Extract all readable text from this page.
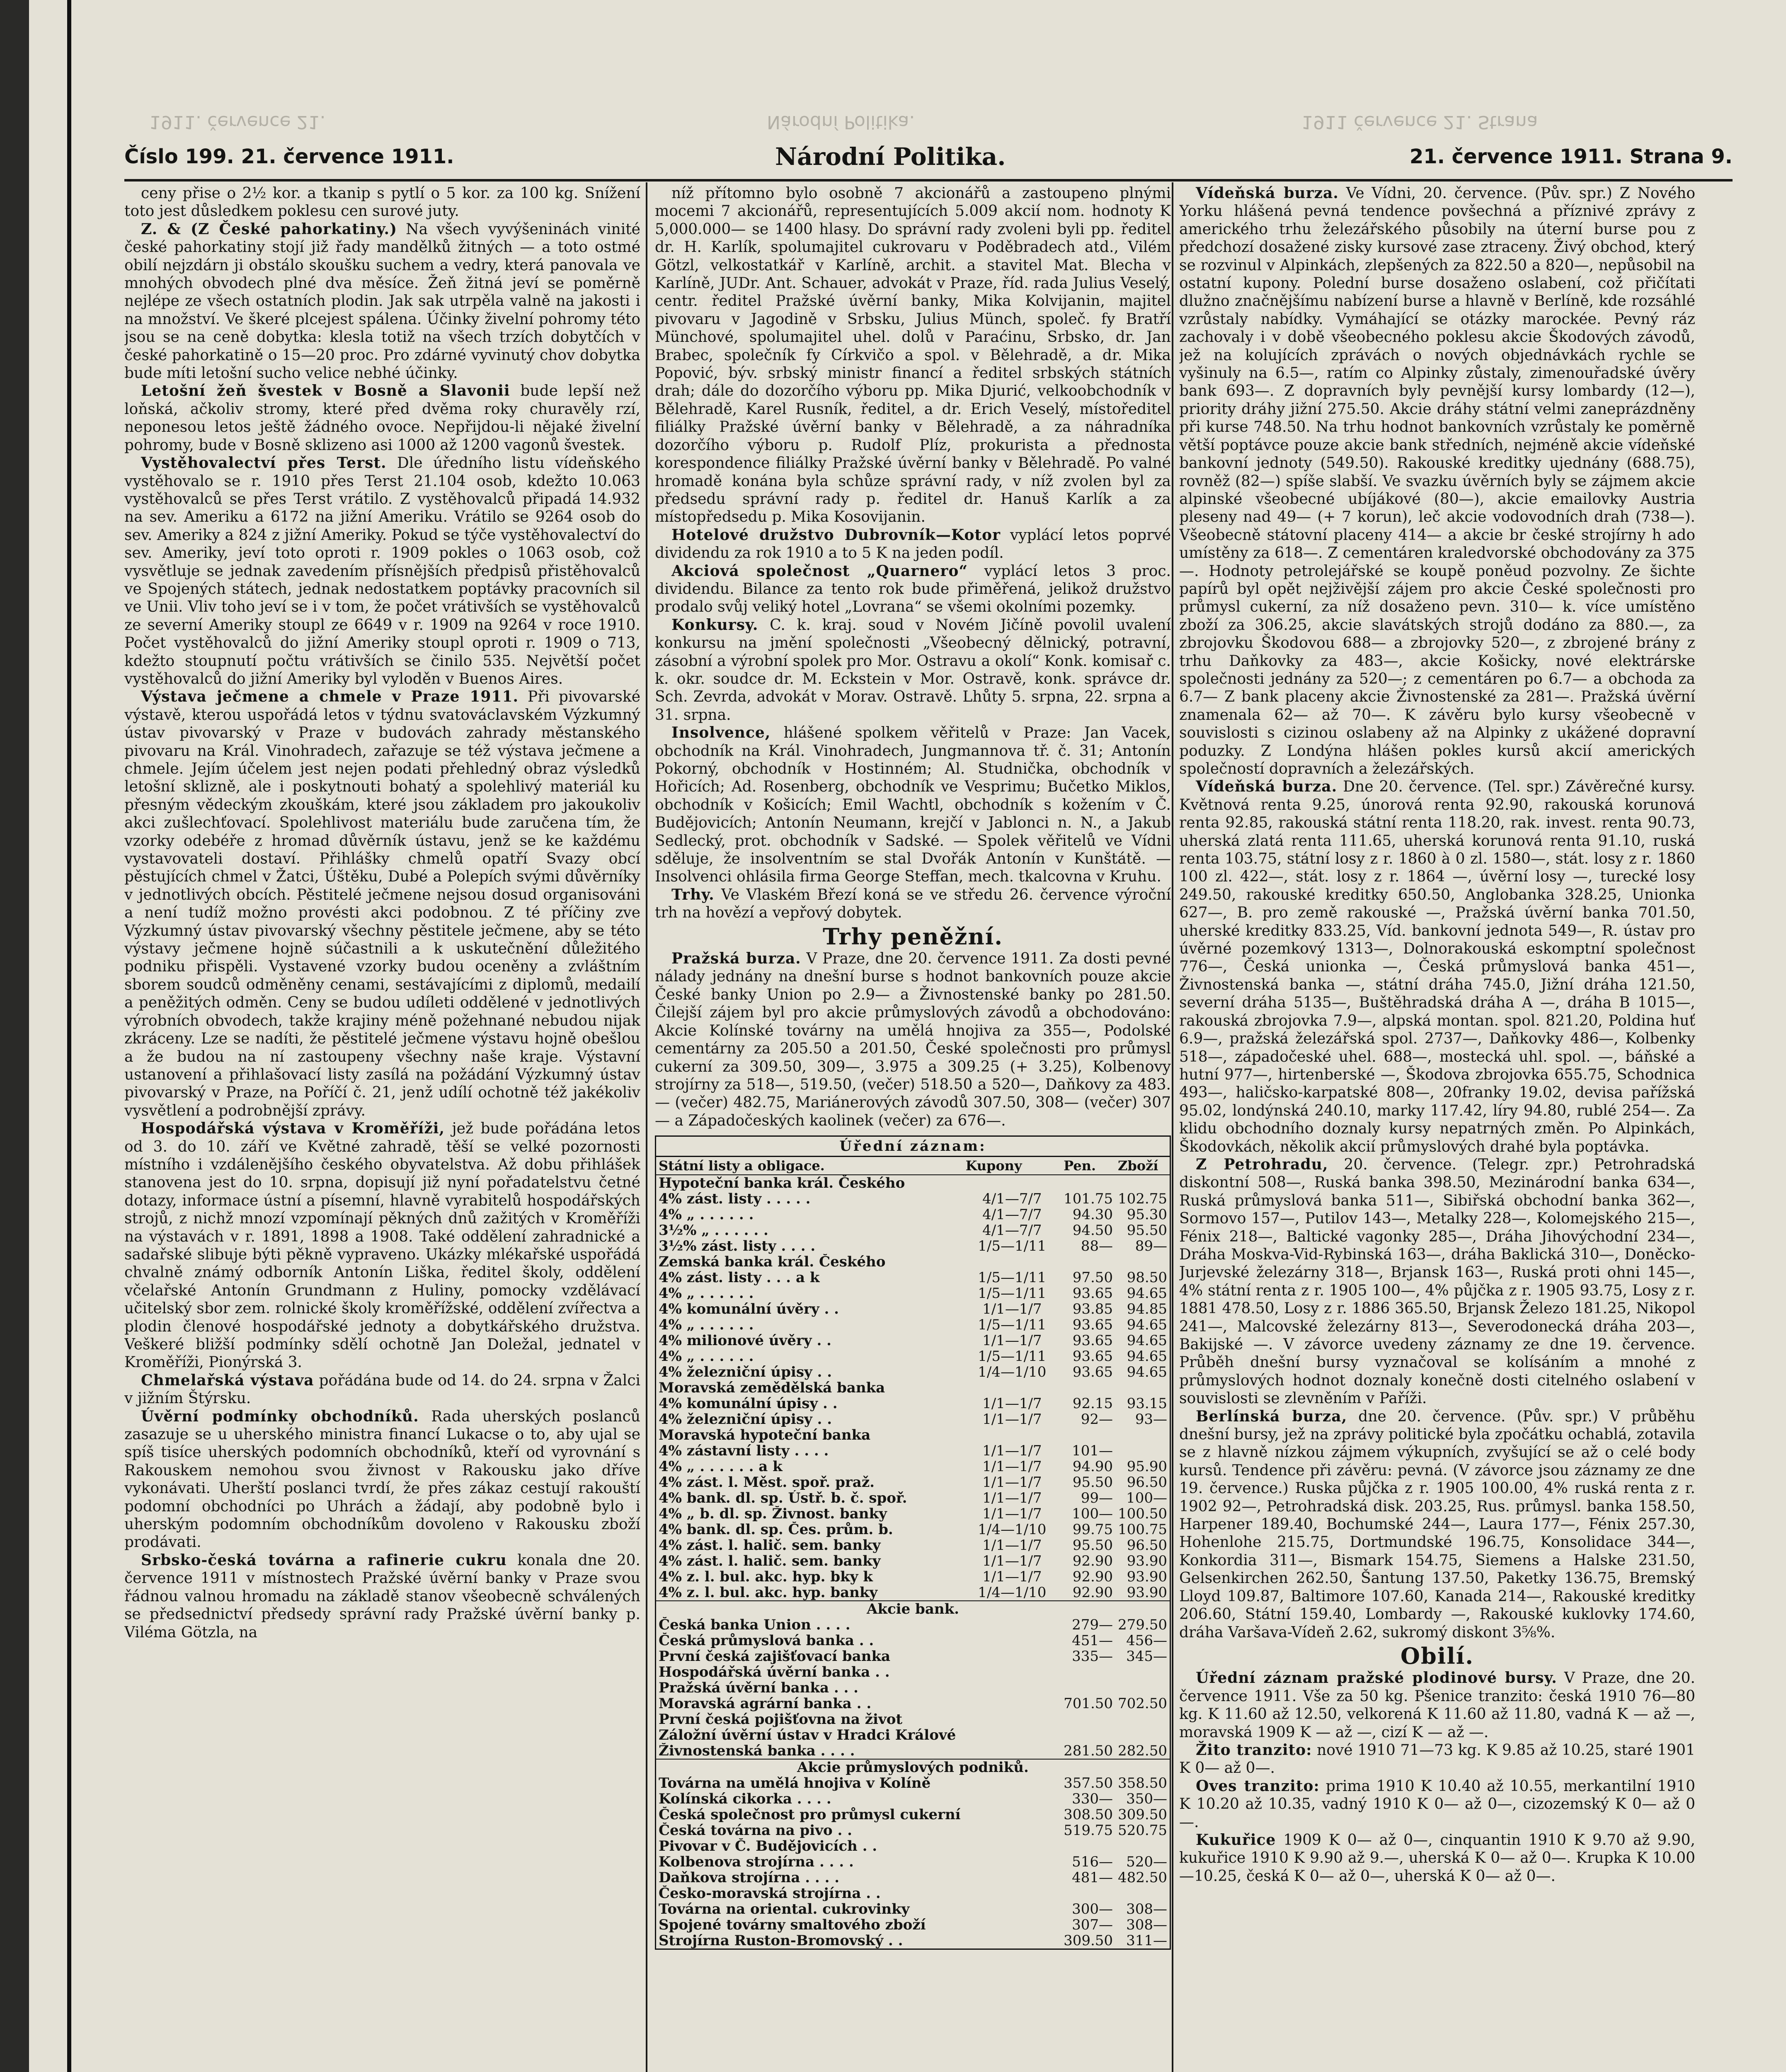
1911. července 21.	Národní Politika.	1911 července 21. Strana
Číslo 199. 21. července 1911.	Národní Politika.	21. července 1911. Strana 9.

ceny přise o 2½ kor. a tkanip s pytlí o 5 kor. za 100 kg. Snížení toto jest důsledkem poklesu cen surové juty.

Z. & (Z České pahorkatiny.) Na všech vyvýšeninách vinité české pahorkatiny stojí již řady mandělků žitných — a toto ostmé obilí nejzdárn ji obstálo skoušku suchem a vedry, která panovala ve mnohých obvodech plné dva měsíce. Žeň žitná jeví se poměrně nejlépe ze všech ostatních plodin. Jak sak utrpěla valně na jakosti i na množství. Ve škeré plcejest spálena. Účinky živelní pohromy této jsou se na ceně dobytka: klesla totiž na všech trzích dobytčích v české pahorkatině o 15—20 proc. Pro zdárné vyvinutý chov dobytka bude míti letošní sucho velice nebhé účinky.

Letošní žeň švestek v Bosně a Slavonii bude lepší než loňská, ačkoliv stromy, které před dvěma roky churavěly rzí, neponesou letos ještě žádného ovoce. Nepřijdou-li nějaké živelní pohromy, bude v Bosně sklizeno asi 1000 až 1200 vagonů švestek.

Vystěhovalectví přes Terst. Dle úředního listu vídeňského vystěhovalo se r. 1910 přes Terst 21.104 osob, kdežto 10.063 vystěhovalců se přes Terst vrátilo. Z vystěhovalců připadá 14.932 na sev. Ameriku a 6172 na jižní Ameriku. Vrátilo se 9264 osob do sev. Ameriky a 824 z jižní Ameriky. Pokud se týče vystěhovalectví do sev. Ameriky, jeví toto oproti r. 1909 pokles o 1063 osob, což vysvětluje se jednak zavedením přísnějších předpisů přistěhovalců ve Spojených státech, jednak nedostatkem poptávky pracovních sil ve Unii. Vliv toho jeví se i v tom, že počet vrátivších se vystěhovalců ze severní Ameriky stoupl ze 6649 v r. 1909 na 9264 v roce 1910. Počet vystěhovalců do jižní Ameriky stoupl oproti r. 1909 o 713, kdežto stoupnutí počtu vrátivších se činilo 535. Největší počet vystěhovalců do jižní Ameriky byl vyloděn v Buenos Aires.

Výstava ječmene a chmele v Praze 1911. Při pivovarské výstavě, kterou uspořádá letos v týdnu svatováclavském Výzkumný ústav pivovarský v Praze v budovách zahrady městanského pivovaru na Král. Vinohradech, zařazuje se též výstava ječmene a chmele. Jejím účelem jest nejen podati přehledný obraz výsledků letošní sklizně, ale i poskytnouti bohatý a spolehlivý materiál ku přesným vědeckým zkouškám, které jsou základem pro jakoukoliv akci zušlechťovací. Spolehlivost materiálu bude zaručena tím, že vzorky odebéře z hromad důvěrník ústavu, jenž se ke každému vystavovateli dostaví. Přihlášky chmelů opatří Svazy obcí pěstujících chmel v Žatci, Úštěku, Dubé a Polepích svými důvěrníky v jednotlivých obcích. Pěstitelé ječmene nejsou dosud organisováni a není tudíž možno provésti akci podobnou. Z té příčiny zve Výzkumný ústav pivovarský všechny pěstitele ječmene, aby se této výstavy ječmene hojně súčastnili a k uskutečnění důležitého podniku přispěli. Vystavené vzorky budou oceněny a zvláštním sborem soudců odměněny cenami, sestávajícími z diplomů, medailí a peněžitých odměn. Ceny se budou udíleti oddělené v jednotlivých výrobních obvodech, takže krajiny méně požehnané nebudou nijak zkráceny. Lze se nadíti, že pěstitelé ječmene výstavu hojně obešlou a že budou na ní zastoupeny všechny naše kraje. Výstavní ustanovení a přihlašovací listy zasílá na požádání Výzkumný ústav pivovarský v Praze, na Poříčí č. 21, jenž udílí ochotně též jakékoliv vysvětlení a podrobnější zprávy.

Hospodářská výstava v Kroměříži, jež bude pořádána letos od 3. do 10. září ve Květné zahradě, těší se velké pozornosti místního i vzdálenějšího českého obyvatelstva. Až dobu přihlášek stanovena jest do 10. srpna, dopisují již nyní pořadatelstvu četné dotazy, informace ústní a písemní, hlavně vyrabitelů hospodářských strojů, z nichž mnozí vzpomínají pěkných dnů zažitých v Kroměříži na výstavách v r. 1891, 1898 a 1908. Také oddělení zahradnické a sadařské slibuje býti pěkně vypraveno. Ukázky mlékařské uspořádá chvalně známý odborník Antonín Liška, ředitel školy, oddělení včelařské Antonín Grundmann z Huliny, pomocky vzdělávací učitelský sbor zem. rolnické školy kroměřížské, oddělení zvířectva a plodin členové hospodářské jednoty a dobytkářského družstva. Veškeré bližší podmínky sdělí ochotně Jan Doležal, jednatel v Kroměříži, Pionýrská 3.

Chmelařská výstava pořádána bude od 14. do 24. srpna v Žalci v jižním Štýrsku.

Úvěrní podmínky obchodníků. Rada uherských poslanců zasazuje se u uherského ministra financí Lukacse o to, aby ujal se spíš tisíce uherských podomních obchodníků, kteří od vyrovnání s Rakouskem nemohou svou živnost v Rakousku jako dříve vykonávati. Uherští poslanci tvrdí, že přes zákaz cestují rakouští podomní obchodníci po Uhrách a žádají, aby podobně bylo i uherským podomním obchodníkům dovoleno v Rakousku zboží prodávati.

Srbsko-česká továrna a rafinerie cukru konala dne 20. července 1911 v místnostech Pražské úvěrní banky v Praze svou řádnou valnou hromadu na základě stanov všeobecně schválených se předsednictví předsedy správní rady Pražské úvěrní banky p. Viléma Götzla, na

níž přítomno bylo osobně 7 akcionářů a zastoupeno plnými mocemi 7 akcionářů, representujících 5.009 akcií nom. hodnoty K 5,000.000— se 1400 hlasy. Do správní rady zvoleni byli pp. ředitel dr. H. Karlík, spolumajitel cukrovaru v Poděbradech atd., Vilém Götzl, velkostatkář v Karlíně, archit. a stavitel Mat. Blecha v Karlíně, JUDr. Ant. Schauer, advokát v Praze, říd. rada Julius Veselý, centr. ředitel Pražské úvěrní banky, Mika Kolvijanin, majitel pivovaru v Jagodině v Srbsku, Julius Münch, společ. fy Bratří Münchové, spolumajitel uhel. dolů v Paraćinu, Srbsko, dr. Jan Brabec, společník fy Církvičo a spol. v Bělehradě, a dr. Mika Popović, býv. srbský ministr financí a ředitel srbských státních drah; dále do dozorčího výboru pp. Mika Djurić, velkoobchodník v Bělehradě, Karel Rusník, ředitel, a dr. Erich Veselý, místoředitel filiálky Pražské úvěrní banky v Bělehradě, a za náhradníka dozorčího výboru p. Rudolf Plíz, prokurista a přednosta korespondence filiálky Pražské úvěrní banky v Bělehradě. Po valné hromadě konána byla schůze správní rady, v níž zvolen byl za předsedu správní rady p. ředitel dr. Hanuš Karlík a za místopředsedu p. Mika Kosovijanin.

Hotelové družstvo Dubrovník—Kotor vyplácí letos poprvé dividendu za rok 1910 a to 5 K na jeden podíl.

Akciová společnost „Quarnero“ vyplácí letos 3 proc. dividendu. Bilance za tento rok bude přiměřená, jelikož družstvo prodalo svůj veliký hotel „Lovrana“ se všemi okolními pozemky.

Konkursy. C. k. kraj. soud v Novém Jičíně povolil uvalení konkursu na jmění společnosti „Všeobecný dělnický, potravní, zásobní a výrobní spolek pro Mor. Ostravu a okolí“ Konk. komisař c. k. okr. soudce dr. M. Eckstein v Mor. Ostravě, konk. správce dr. Sch. Zevrda, advokát v Morav. Ostravě. Lhůty 5. srpna, 22. srpna a 31. srpna.

Insolvence, hlášené spolkem věřitelů v Praze: Jan Vacek, obchodník na Král. Vinohradech, Jungmannova tř. č. 31; Antonín Pokorný, obchodník v Hostinném; Al. Studnička, obchodník v Hořicích; Ad. Rosenberg, obchodník ve Vesprimu; Bučetko Miklos, obchodník v Košicích; Emil Wachtl, obchodník s kožením v Č. Budějovicích; Antonín Neumann, krejčí v Jablonci n. N., a Jakub Sedlecký, prot. obchodník v Sadské. — Spolek věřitelů ve Vídni sděluje, že insolventním se stal Dvořák Antonín v Kunštátě. — Insolvenci ohlásila firma George Steffan, mech. tkalcovna v Kruhu.

Trhy. Ve Vlaském Březí koná se ve středu 26. července výroční trh na hovězí a vepřový dobytek.

Trhy peněžní.

Pražská burza. V Praze, dne 20. července 1911. Za dosti pevné nálady jednány na dnešní burse s hodnot bankovních pouze akcie České banky Union po 2.9— a Živnostenské banky po 281.50. Čilejší zájem byl pro akcie průmyslových závodů a obchodováno: Akcie Kolínské továrny na umělá hnojiva za 355—, Podolské cementárny za 205.50 a 201.50, České společnosti pro průmysl cukerní za 309.50, 309—, 3.975 a 309.25 (+ 3.25), Kolbenovy strojírny za 518—, 519.50, (večer) 518.50 a 520—, Daňkovy za 483.— (večer) 482.75, Mariánerových závodů 307.50, 308— (večer) 307— a Západočeských kaolinek (večer) za 676—.

Úřední záznam:
Státní listy a obligace.	Kupony	Pen.	Zboží
Hypoteční banka král. Českého			
4% zást. listy . . . . .	4/1—7/7	101.75	102.75
4% „ . . . . . .	4/1—7/7	94.30	95.30
3½% „ . . . . . .	4/1—7/7	94.50	95.50
3½% zást. listy . . . .	1/5—1/11	88—	89—
Zemská banka král. Českého			
4% zást. listy . . . a k	1/5—1/11	97.50	98.50
4% „ . . . . . .	1/5—1/11	93.65	94.65
4% komunální úvěry . .	1/1—1/7	93.85	94.85
4% „ . . . . . .	1/5—1/11	93.65	94.65
4% milionové úvěry . .	1/1—1/7	93.65	94.65
4% „ . . . . . .	1/5—1/11	93.65	94.65
4% železniční úpisy . .	1/4—1/10	93.65	94.65
Moravská zemědělská banka			
4% komunální úpisy . .	1/1—1/7	92.15	93.15
4% železniční úpisy . .	1/1—1/7	92—	93—
Moravská hypoteční banka			
4% zástavní listy . . . .	1/1—1/7	101—	
4% „ . . . . . . a k	1/1—1/7	94.90	95.90
4% zást. l. Měst. spoř. praž.	1/1—1/7	95.50	96.50
4% bank. dl. sp. Ústř. b. č. spoř.	1/1—1/7	99—	100—
4% „ b. dl. sp. Živnost. banky	1/1—1/7	100—	100.50
4% bank. dl. sp. Čes. prům. b.	1/4—1/10	99.75	100.75
4% zást. l. halič. sem. banky	1/1—1/7	95.50	96.50
4% zást. l. halič. sem. banky	1/1—1/7	92.90	93.90
4% z. l. bul. akc. hyp. bky k	1/1—1/7	92.90	93.90
4% z. l. bul. akc. hyp. banky	1/4—1/10	92.90	93.90
Akcie bank.			
Česká banka Union . . . .		279—	279.50
Česká průmyslová banka . .		451—	456—
První česká zajišťovací banka		335—	345—
Hospodářská úvěrní banka . .			
Pražská úvěrní banka . . .			
Moravská agrární banka . .		701.50	702.50
První česká pojišťovna na život			
Záložní úvěrní ústav v Hradci Králové			
Živnostenská banka . . . .		281.50	282.50
Akcie průmyslových podniků.			
Továrna na umělá hnojiva v Kolíně		357.50	358.50
Kolínská cikorka . . . .		330—	350—
Česká společnost pro průmysl cukerní		308.50	309.50
Česká továrna na pivo . .		519.75	520.75
Pivovar v Č. Budějovicích . .			
Kolbenova strojírna . . . .		516—	520—
Daňkova strojírna . . . .		481—	482.50
Česko-moravská strojírna . .			
Továrna na oriental. cukrovinky		300—	308—
Spojené továrny smaltového zboží		307—	308—
Strojírna Ruston-Bromovský . .		309.50	311—

Vídeňská burza. Ve Vídni, 20. července. (Pův. spr.) Z Nového Yorku hlášená pevná tendence povšechná a příznivé zprávy z amerického trhu železářského působily na úterní burse pou z předchozí dosažené zisky kursové zase ztraceny. Živý obchod, který se rozvinul v Alpinkách, zlepšených za 822.50 a 820—, nepůsobil na ostatní kupony. Polední burse dosaženo oslabení, což přičítati dlužno značnějšímu nabízení burse a hlavně v Berlíně, kde rozsáhlé vzrůstaly nabídky. Vymáhající se otázky marockée. Pevný ráz zachovaly i v době všeobecného poklesu akcie Škodových závodů, jež na kolujících zprávách o nových objednávkách rychle se vyšinuly na 6.5—, ratím co Alpinky zůstaly, zimenouřadské úvěry bank 693—. Z dopravních byly pevnější kursy lombardy (12—), priority dráhy jižní 275.50. Akcie dráhy státní velmi zaneprázdněny při kurse 748.50. Na trhu hodnot bankovních vzrůstaly ke poměrně větší poptávce pouze akcie bank středních, nejméně akcie vídeňské bankovní jednoty (549.50). Rakouské kreditky ujednány (688.75), rovněž (82—) spíše slabší. Ve svazku úvěrních byly se zájmem akcie alpinské všeobecné ubíjákové (80—), akcie emailovky Austria pleseny nad 49— (+ 7 korun), leč akcie vodovodních drah (738—). Všeobecně státovní placeny 414— a akcie br české strojírny h ado umístěny za 618—. Z cementáren kraledvorské obchodovány za 375—. Hodnoty petrolejářské se koupě poněud pozvolny. Ze šichte papírů byl opět nejživější zájem pro akcie České společnosti pro průmysl cukerní, za níž dosaženo pevn. 310— k. více umístěno zboží za 306.25, akcie slavátských strojů dodáno za 880.—, za zbrojovku Škodovou 688— a zbrojovky 520—, z zbrojené brány z trhu Daňkovky za 483—, akcie Košicky, nové elektrárske společnosti jednány za 520—; z cementáren po 6.7— a obchoda za 6.7— Z bank placeny akcie Živnostenské za 281—. Pražská úvěrní znamenala 62— až 70—. K závěru bylo kursy všeobecně v souvislosti s cizinou oslabeny až na Alpinky z ukážené dopravní poduzky. Z Londýna hlášen pokles kursů akcií amerických společností dopravních a železářských.

Vídeňská burza. Dne 20. července. (Tel. spr.) Závěrečné kursy. Květnová renta 9.25, únorová renta 92.90, rakouská korunová renta 92.85, rakouská státní renta 118.20, rak. invest. renta 90.73, uherská zlatá renta 111.65, uherská korunová renta 91.10, ruská renta 103.75, státní losy z r. 1860 à 0 zl. 1580—, stát. losy z r. 1860 100 zl. 422—, stát. losy z r. 1864 —, úvěrní losy —, turecké losy 249.50, rakouské kreditky 650.50, Anglobanka 328.25, Unionka 627—, B. pro země rakouské —, Pražská úvěrní banka 701.50, uherské kreditky 833.25, Víd. bankovní jednota 549—, R. ústav pro úvěrné pozemkový 1313—, Dolnorakouská eskomptní společnost 776—, Česká unionka —, Česká průmyslová banka 451—, Živnostenská banka —, státní dráha 745.0, Jižní dráha 121.50, severní dráha 5135—, Buštěhradská dráha A —, dráha B 1015—, rakouská zbrojovka 7.9—, alpská montan. spol. 821.20, Poldina huť 6.9—, pražská železářská spol. 2737—, Daňkovky 486—, Kolbenky 518—, západočeské uhel. 688—, mostecká uhl. spol. —, báňské a hutní 977—, hirtenberské —, Škodova zbrojovka 655.75, Schodnica 493—, haličsko-karpatské 808—, 20franky 19.02, devisa pařížská 95.02, londýnská 240.10, marky 117.42, líry 94.80, rublé 254—. Za klidu obchodního doznaly kursy nepatrných změn. Po Alpinkách, Škodovkách, několik akcií průmyslových drahé byla poptávka.

Z Petrohradu, 20. července. (Telegr. zpr.) Petrohradská diskontní 508—, Ruská banka 398.50, Mezinárodní banka 634—, Ruská průmyslová banka 511—, Sibiřská obchodní banka 362—, Sormovo 157—, Putilov 143—, Metalky 228—, Kolomejského 215—, Fénix 218—, Baltické vagonky 285—, Dráha Jihovýchodní 234—, Dráha Moskva-Vid-Rybinská 163—, dráha Baklická 310—, Doněcko-Jurjevské železárny 318—, Brjansk 163—, Ruská proti ohni 145—, 4% státní renta z r. 1905 100—, 4% půjčka z r. 1905 93.75, Losy z r. 1881 478.50, Losy z r. 1886 365.50, Brjansk Železo 181.25, Nikopol 241—, Malcovské železárny 813—, Severodonecká dráha 203—, Bakijské —. V závorce uvedeny záznamy ze dne 19. července. Průběh dnešní bursy vyznačoval se kolísáním a mnohé z průmyslových hodnot doznaly konečně dosti citelného oslabení v souvislosti se zlevněním v Paříži.

Berlínská burza, dne 20. července. (Pův. spr.) V průběhu dnešní bursy, jež na zprávy politické byla zpočátku ochablá, zotavila se z hlavně nízkou zájmem výkupních, zvyšující se až o celé body kursů. Tendence při závěru: pevná. (V závorce jsou záznamy ze dne 19. července.) Ruska půjčka z r. 1905 100.00, 4% ruská renta z r. 1902 92—, Petrohradská disk. 203.25, Rus. průmysl. banka 158.50, Harpener 189.40, Bochumské 244—, Laura 177—, Fénix 257.30, Hohenlohe 215.75, Dortmundské 196.75, Konsolidace 344—, Konkordia 311—, Bismark 154.75, Siemens a Halske 231.50, Gelsenkirchen 262.50, Šantung 137.50, Paketky 136.75, Bremský Lloyd 109.87, Baltimore 107.60, Kanada 214—, Rakouské kreditky 206.60, Státní 159.40, Lombardy —, Rakouské kuklovky 174.60, dráha Varšava-Vídeň 2.62, sukromý diskont 3⅝%.

Obilí.

Úřední záznam pražské plodinové bursy. V Praze, dne 20. července 1911. Vše za 50 kg. Pšenice tranzito: česká 1910 76—80 kg. K 11.60 až 12.50, velkorená K 11.60 až 11.80, vadná K — až —, moravská 1909 K — až —, cizí K — až —.

Žito tranzito: nové 1910 71—73 kg. K 9.85 až 10.25, staré 1901 K 0— až 0—.

Oves tranzito: prima 1910 K 10.40 až 10.55, merkantilní 1910 K 10.20 až 10.35, vadný 1910 K 0— až 0—, cizozemský K 0— až 0—.

Kukuřice 1909 K 0— až 0—, cinquantin 1910 K 9.70 až 9.90, kukuřice 1910 K 9.90 až 9.—, uherská K 0— až 0—. Krupka K 10.00—10.25, česká K 0— až 0—, uherská K 0— až 0—.
